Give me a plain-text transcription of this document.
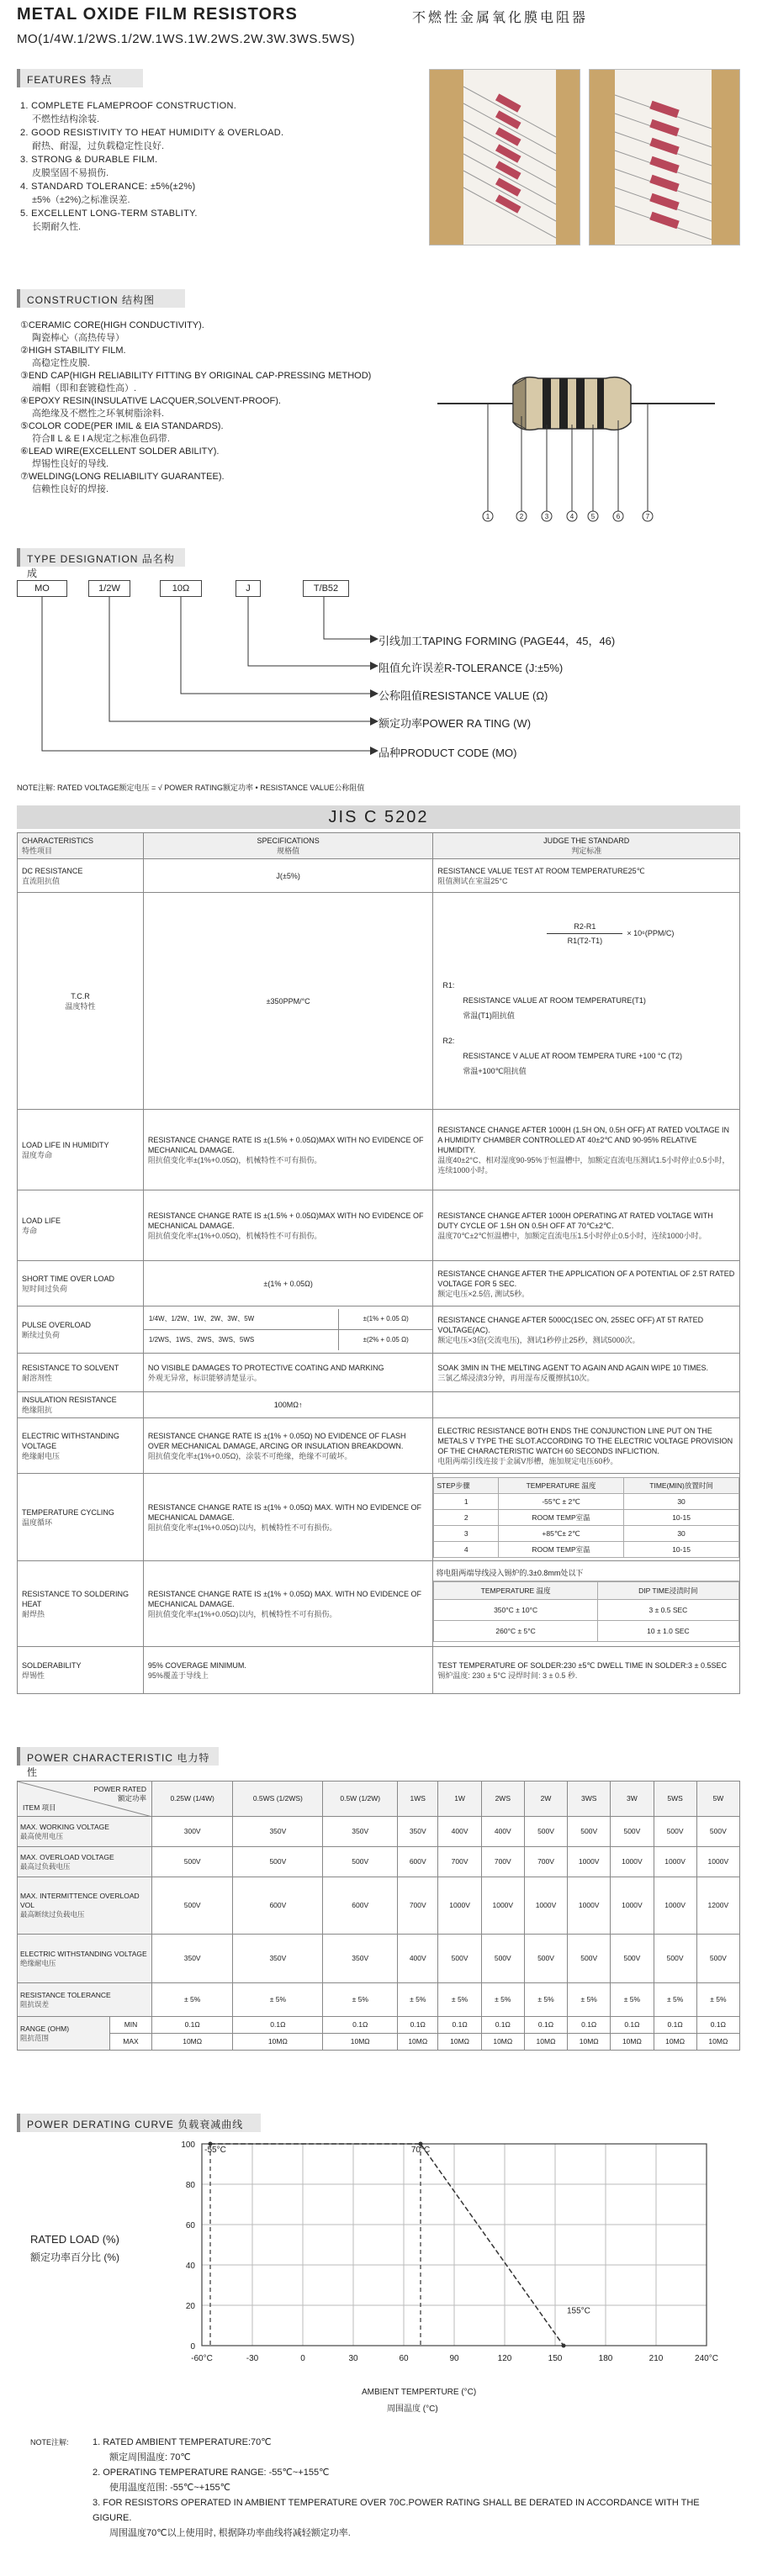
METAL OXIDE FILM RESISTORS	不燃性金属氧化膜电阻器
MO(1/4W.1/2WS.1/2W.1WS.1W.2WS.2W.3W.3WS.5WS)
FEATURES 特点
1. COMPLETE FLAMEPROOF CONSTRUCTION.
不燃性结构涂装.
2. GOOD RESISTIVITY TO HEAT HUMIDITY & OVERLOAD.
耐热、耐湿，过负载稳定性良好.
3. STRONG & DURABLE FILM.
皮膜坚固不易损伤.
4. STANDARD TOLERANCE: ±5%(±2%)
±5%（±2%)之标准误差.
5. EXCELLENT LONG-TERM STABLITY.
长期耐久性.
CONSTRUCTION 结构图
①CERAMIC CORE(HIGH CONDUCTIVITY).
陶瓷棒心（高热传导）
②HIGH STABILITY FILM.
高稳定性皮膜.
③END CAP(HIGH RELIABILITY FITTING BY ORIGINAL CAP-PRESSING METHOD)
端帽（即和套镀稳性高）.
④EPOXY RESIN(INSULATIVE LACQUER,SOLVENT-PROOF).
高绝缘及不燃性之环氧树脂涂料.
⑤COLOR CODE(PER IMIL & EIA STANDARDS).
符合Ⅱ L & E I A规定之标准色码带.
⑥LEAD WIRE(EXCELLENT SOLDER ABILITY).
焊锡性良好的导线.
⑦WELDING(LONG RELIABILITY GUARANTEE).
信赖性良好的焊接.
1	2	3	4	5	6	7
TYPE DESIGNATION 品名构成
MO	1/2W	10Ω	J	T/B52
引线加工TAPING FORMING (PAGE44，45，46)
阻值允许误差R-TOLERANCE (J:±5%)
公称阻值RESISTANCE VALUE (Ω)
额定功率POWER RA TING (W)
品种PRODUCT CODE (MO)
NOTE注解: RATED VOLTAGE额定电压 = √ POWER RATING额定功率 • RESISTANCE VALUE公称阻值
JIS C 5202
CHARACTERISTICS
特性项目
	SPECIFICATIONS
规格值
	JUDGE THE STANDARD
判定标准

DC RESISTANCE
直流阻抗值
	J(±5%)	RESISTANCE VALUE TEST AT ROOM TEMPERATURE25℃
阻值测试在室温25°C

T.C.R
温度特性
	±350PPM/°C	
R2-R1
R1(T2-T1)
× 10⁶(PPM/C)
R1:
RESISTANCE VALUE AT ROOM TEMPERATURE(T1)
常温(T1)阻抗值
R2:
RESISTANCE V ALUE AT ROOM TEMPERA TURE +100 °C (T2)
常温+100℃阻抗值

LOAD LIFE IN HUMIDITY
湿度寿命
	RESISTANCE CHANGE RATE IS ±(1.5% + 0.05Ω)MAX WITH NO EVIDENCE OF MECHANICAL DAMAGE.
阻抗值变化率±(1%+0.05Ω)，机械特性不可有损伤。
	RESISTANCE CHANGE AFTER 1000H (1.5H ON, 0.5H OFF) AT RATED VOLTAGE IN A HUMIDITY CHAMBER CONTROLLED AT 40±2℃ AND 90-95% RELATIVE HUMIDITY.
温度40±2°C、相对湿度90-95%于恒温槽中，加额定直流电压测试1.5小时停止0.5小时，连续1000小时。

LOAD LIFE
寿命
	RESISTANCE CHANGE RATE IS ±(1.5% + 0.05Ω)MAX WITH NO EVIDENCE OF MECHANICAL DAMAGE.
阻抗值变化率±(1%+0.05Ω)，机械特性不可有损伤。
	RESISTANCE CHANGE AFTER 1000H OPERATING AT RATED VOLTAGE WITH DUTY CYCLE OF 1.5H ON 0.5H OFF AT 70℃±2℃.
温度70℃±2℃恒温槽中，加额定直流电压1.5小时停止0.5小时，连续1000小时。

SHORT TIME OVER LOAD
短时间过负荷
	±(1% + 0.05Ω)	RESISTANCE CHANGE AFTER THE APPLICATION OF A POTENTIAL OF 2.5T RATED VOLTAGE FOR 5 SEC.
额定电压×2.5倍, 测试5秒。

PULSE OVERLOAD
断续过负荷

1/4W、1/2W、1W、2W、3W、5W	±(1% + 0.05 Ω)
1/2WS、1WS、2WS、3WS、5WS	±(2% + 0.05 Ω)
	RESISTANCE CHANGE AFTER 5000C(1SEC ON, 25SEC OFF) AT 5T RATED VOLTAGE(AC).
额定电压×3倍(交流电压)，测试1秒停止25秒，测试5000次。

RESISTANCE TO SOLVENT
耐溶剂性
	NO VISIBLE DAMAGES TO PROTECTIVE COATING AND MARKING
外观无异常，标识能够清楚显示。
	SOAK 3MIN IN THE MELTING AGENT TO AGAIN AND AGAIN WIPE 10 TIMES.
三氯乙烯浸渍3分钟，再用湿布反覆擦拭10次。

INSULATION RESISTANCE
绝缘阻抗
	100MΩ↑	
ELECTRIC WITHSTANDING VOLTAGE
绝缘耐电压
	RESISTANCE CHANGE RATE IS ±(1% + 0.05Ω) NO EVIDENCE OF FLASH OVER MECHANICAL DAMAGE, ARCING OR INSULATION BREAKDOWN.
阻抗值变化率±(1%+0.05Ω)，涂装不可绝缘，绝缘不可破坏。
	ELECTRIC RESISTANCE BOTH ENDS THE CONJUNCTION LINE PUT ON THE METALS V TYPE THE SLOT.ACCORDING TO THE ELECTRIC VOLTAGE PROVISION OF THE CHARACTERISTIC WATCH 60 SECONDS INFLICTION.
电阻两端引线连接于金属V形槽，施加规定电压60秒。

TEMPERATURE CYCLING
温度循环
	RESISTANCE CHANGE RATE IS ±(1% + 0.05Ω) MAX. WITH NO EVIDENCE OF MECHANICAL DAMAGE.
阻抗值变化率±(1%+0.05Ω)以内，机械特性不可有损伤。

STEP步骤	TEMPERATURE 温度	TIME(MIN)放置时间
1	-55℃ ± 2℃	30
2	ROOM TEMP室温	10-15
3	+85℃± 2℃	30
4	ROOM TEMP室温	10-15

RESISTANCE TO SOLDERING HEAT
耐焊热
	RESISTANCE CHANGE RATE IS ±(1% + 0.05Ω) MAX. WITH NO EVIDENCE OF MECHANICAL DAMAGE.
阻抗值变化率±(1%+0.05Ω)以内，机械特性不可有损伤。

将电阻两端导线浸入锡炉的.3±0.8mm处以下
TEMPERATURE 温度	DIP TIME浸渍时间
350°C ± 10°C	3 ± 0.5 SEC
260°C ± 5°C	10 ± 1.0 SEC

SOLDERABILITY
焊锡性
	95% COVERAGE MINIMUM.
95%覆盖于导线上
	TEST TEMPERATURE OF SOLDER:230 ±5℃ DWELL TIME IN SOLDER:3 ± 0.5SEC
锡炉温度: 230 ± 5°C 浸焊时间: 3 ± 0.5 秒.
POWER CHARACTERISTIC 电力特性
POWER RATED 额定功率
ITEM 项目		0.25W (1/4W)	0.5WS (1/2WS)	0.5W (1/2W)	1WS	1W	2WS	2W	3WS	3W	5WS	5W
MAX. WORKING VOLTAGE
最高使用电压		300V	350V	350V	350V	400V	400V	500V	500V	500V	500V	500V
MAX. OVERLOAD VOLTAGE
最高过负载电压		500V	500V	500V	600V	700V	700V	700V	1000V	1000V	1000V	1000V
MAX. INTERMITTENCE OVERLOAD VOL
最高断续过负载电压		500V	600V	600V	700V	1000V	1000V	1000V	1000V	1000V	1000V	1200V
ELECTRIC WITHSTANDING VOLTAGE
绝缘耐电压		350V	350V	350V	400V	500V	500V	500V	500V	500V	500V	500V
RESISTANCE TOLERANCE
阻抗误差		± 5%	± 5%	± 5%	± 5%	± 5%	± 5%	± 5%	± 5%	± 5%	± 5%	± 5%
RANGE (OHM)
阻抗范围	MIN	0.1Ω	0.1Ω	0.1Ω	0.1Ω	0.1Ω	0.1Ω	0.1Ω	0.1Ω	0.1Ω	0.1Ω	0.1Ω
	MAX	10MΩ	10MΩ	10MΩ	10MΩ	10MΩ	10MΩ	10MΩ	10MΩ	10MΩ	10MΩ	10MΩ
POWER DERATING CURVE 负载衰减曲线
RATED LOAD (%)
额定功率百分比 (%)
-60°C	-30	0	30	60	90	120	150	180	210	240°C
100
80
60
40
20
0
-55°C	70°C
155°C
AMBIENT TEMPERTURE (°C)
周围温度 (°C)
NOTE注解:	1. RATED AMBIENT TEMPERATURE:70℃
额定周围温度: 70℃
2. OPERATING TEMPERATURE RANGE: -55℃~+155℃
使用温度范围: -55℃~+155℃
3. FOR RESISTORS OPERATED IN AMBIENT TEMPERATURE OVER 70C.POWER RATING SHALL BE DERATED IN ACCORDANCE WITH THE GIGURE.
周围温度70℃以上使用时, 根据降功率曲线将减轻额定功率.
